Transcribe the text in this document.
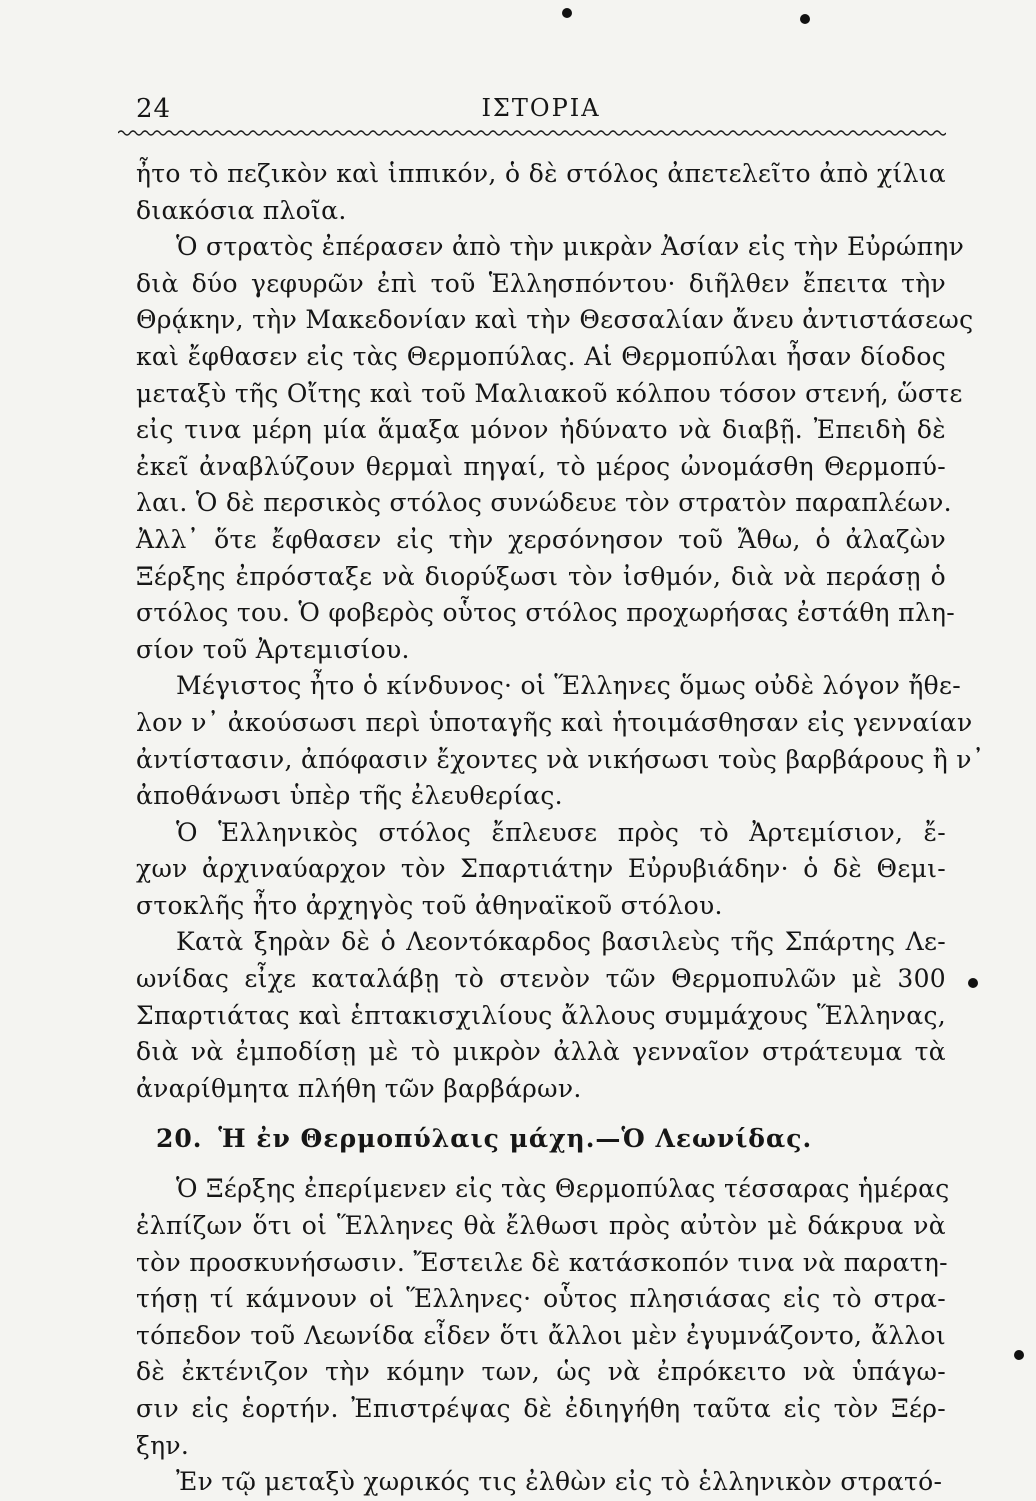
24	ΙΣΤΟΡΙΑ
ἦτο τὸ πεζικὸν καὶ ἱππικόν, ὁ δὲ στόλος ἀπετελεῖτο ἀπὸ χίλια
διακόσια πλοῖα.
Ὁ στρατὸς ἐπέρασεν ἀπὸ τὴν μικρὰν Ἀσίαν εἰς τὴν Εὐρώπην
διὰ δύο γεφυρῶν ἐπὶ τοῦ Ἑλλησπόντου· διῆλθεν ἔπειτα τὴν
Θρᾴκην, τὴν Μακεδονίαν καὶ τὴν Θεσσαλίαν ἄνευ ἀντιστάσεως
καὶ ἔφθασεν εἰς τὰς Θερμοπύλας. Αἱ Θερμοπύλαι ἦσαν δίοδος
μεταξὺ τῆς Οἴτης καὶ τοῦ Μαλιακοῦ κόλπου τόσον στενή, ὥστε
εἰς τινα μέρη μία ἅμαξα μόνον ἠδύνατο νὰ διαβῇ. Ἐπειδὴ δὲ
ἐκεῖ ἀναβλύζουν θερμαὶ πηγαί, τὸ μέρος ὠνομάσθη Θερμοπύ-
λαι. Ὁ δὲ περσικὸς στόλος συνώδευε τὸν στρατὸν παραπλέων.
Ἀλλ᾽ ὅτε ἔφθασεν εἰς τὴν χερσόνησον τοῦ Ἄθω, ὁ ἀλαζὼν
Ξέρξης ἐπρόσταξε νὰ διορύξωσι τὸν ἰσθμόν, διὰ νὰ περάσῃ ὁ
στόλος του. Ὁ φοβερὸς οὗτος στόλος προχωρήσας ἐστάθη πλη-
σίον τοῦ Ἀρτεμισίου.
Μέγιστος ἦτο ὁ κίνδυνος· οἱ Ἕλληνες ὅμως οὐδὲ λόγον ἤθε-
λον ν᾽ ἀκούσωσι περὶ ὑποταγῆς καὶ ἡτοιμάσθησαν εἰς γενναίαν
ἀντίστασιν, ἀπόφασιν ἔχοντες νὰ νικήσωσι τοὺς βαρβάρους ἢ ν᾽
ἀποθάνωσι ὑπὲρ τῆς ἐλευθερίας.
Ὁ Ἑλληνικὸς στόλος ἔπλευσε πρὸς τὸ Ἀρτεμίσιον, ἔ-
χων ἀρχιναύαρχον τὸν Σπαρτιάτην Εὐρυβιάδην· ὁ δὲ Θεμι-
στοκλῆς ἦτο ἀρχηγὸς τοῦ ἀθηναϊκοῦ στόλου.
Κατὰ ξηρὰν δὲ ὁ Λεοντόκαρδος βασιλεὺς τῆς Σπάρτης Λε-
ωνίδας εἶχε καταλάβῃ τὸ στενὸν τῶν Θερμοπυλῶν μὲ 300
Σπαρτιάτας καὶ ἑπτακισχιλίους ἄλλους συμμάχους Ἕλληνας,
διὰ νὰ ἐμποδίσῃ μὲ τὸ μικρὸν ἀλλὰ γενναῖον στράτευμα τὰ
ἀναρίθμητα πλήθη τῶν βαρβάρων.
20. Ἡ ἐν Θερμοπύλαις μάχη.—Ὁ Λεωνίδας.
Ὁ Ξέρξης ἐπερίμενεν εἰς τὰς Θερμοπύλας τέσσαρας ἡμέρας
ἐλπίζων ὅτι οἱ Ἕλληνες θὰ ἔλθωσι πρὸς αὐτὸν μὲ δάκρυα νὰ
τὸν προσκυνήσωσιν. Ἔστειλε δὲ κατάσκοπόν τινα νὰ παρατη-
τήσῃ τί κάμνουν οἱ Ἕλληνες· οὗτος πλησιάσας εἰς τὸ στρα-
τόπεδον τοῦ Λεωνίδα εἶδεν ὅτι ἄλλοι μὲν ἐγυμνάζοντο, ἄλλοι
δὲ ἐκτένιζον τὴν κόμην των, ὡς νὰ ἐπρόκειτο νὰ ὑπάγω-
σιν εἰς ἑορτήν. Ἐπιστρέψας δὲ ἐδιηγήθη ταῦτα εἰς τὸν Ξέρ-
ξην.
Ἐν τῷ μεταξὺ χωρικός τις ἐλθὼν εἰς τὸ ἑλληνικὸν στρατό-
